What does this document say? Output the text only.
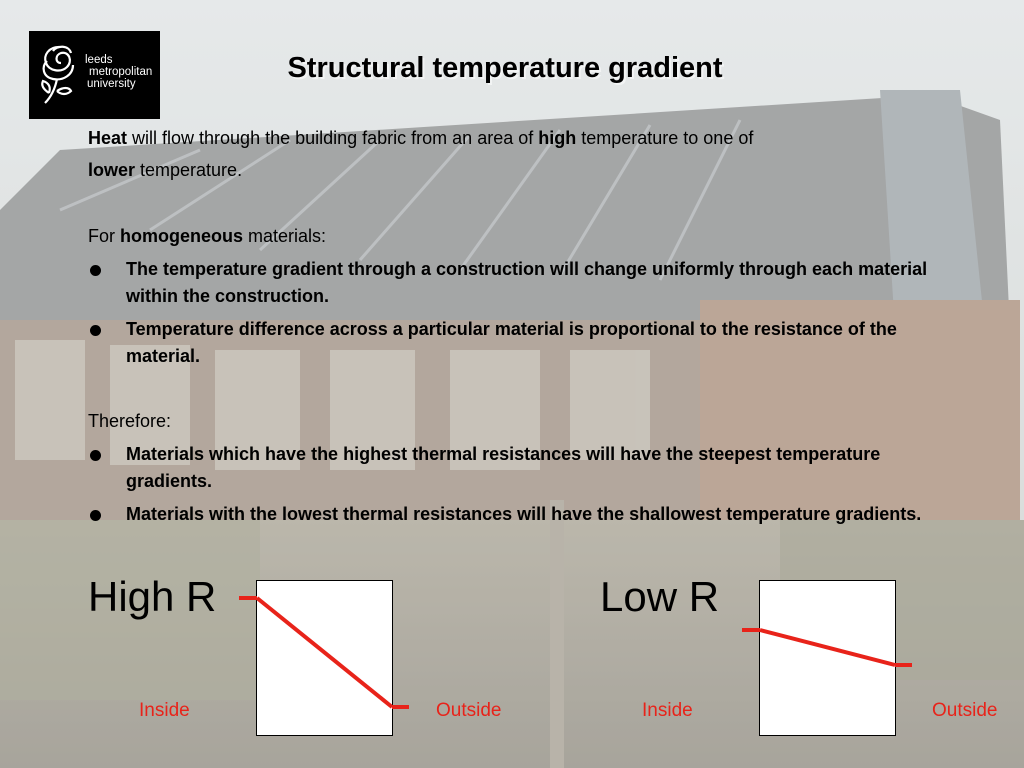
leeds
metropolitan
university	Structural temperature gradient
Heat will flow through the building fabric from an area of high temperature to one of
lower temperature.
For homogeneous materials:
The temperature gradient through a construction will change uniformly through each material within the construction.
Temperature difference across a particular material is proportional to the resistance of the material.
Therefore:
Materials which have the highest thermal resistances will have the steepest temperature gradients.
Materials with the lowest thermal resistances will have the shallowest temperature gradients.
High R
Inside	Outside
Low R
Inside	Outside
